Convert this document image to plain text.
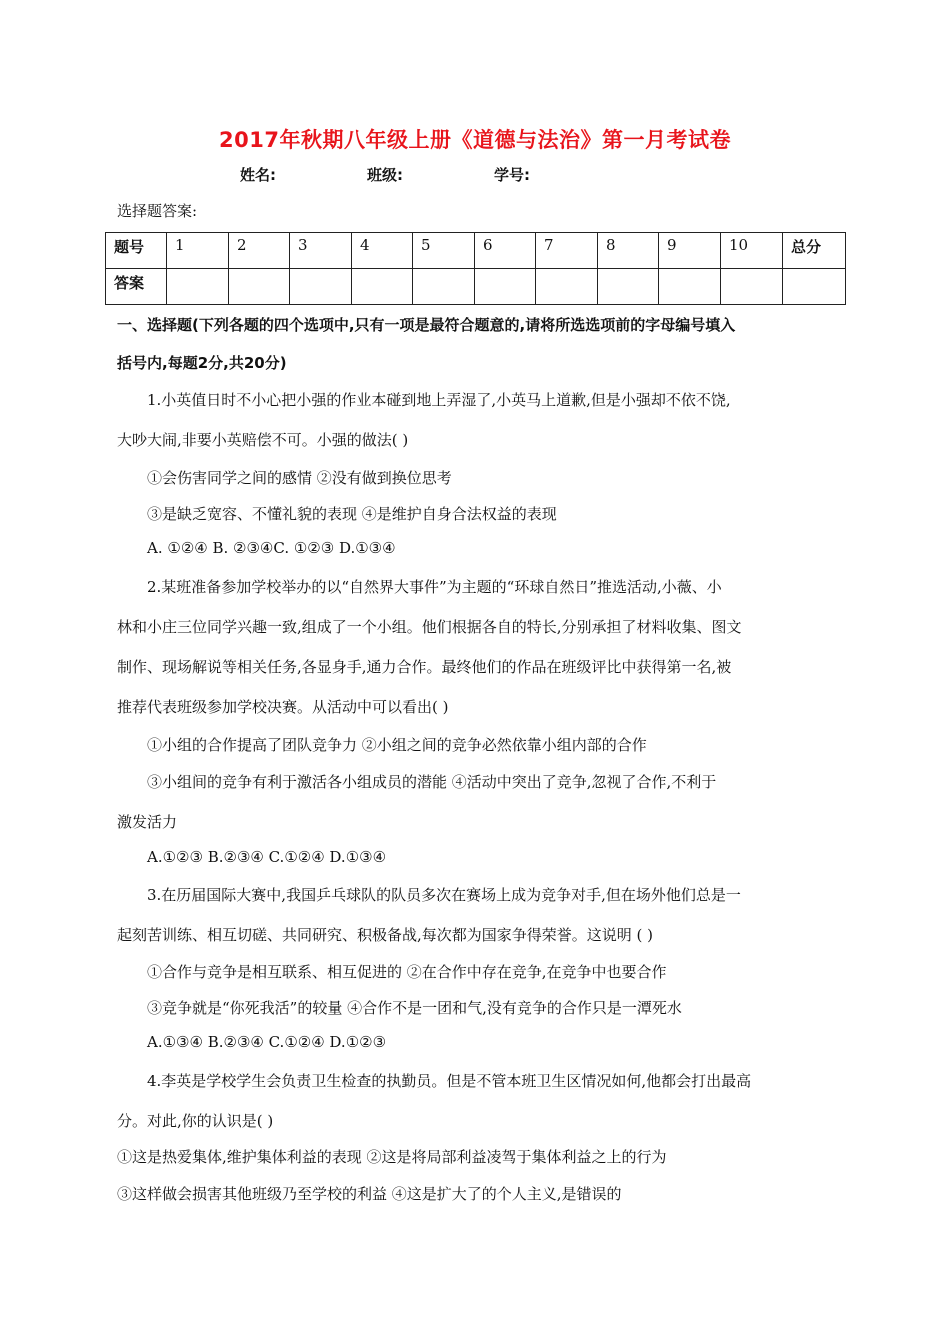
2017年秋期八年级上册《道德与法治》第一月考试卷
姓名:	班级:	学号:
选择题答案:
题号	1	2	3	4	5	6	7	8	9	10	总分
答案											
一、选择题(下列各题的四个选项中,只有一项是最符合题意的,请将所选选项前的字母编号填入
括号内,每题2分,共20分)
1.小英值日时不小心把小强的作业本碰到地上弄湿了,小英马上道歉,但是小强却不依不饶,
大吵大闹,非要小英赔偿不可。小强的做法( )
①会伤害同学之间的感情 ②没有做到换位思考
③是缺乏宽容、不懂礼貌的表现 ④是维护自身合法权益的表现
A. ①②④ B. ②③④C. ①②③ D.①③④
2.某班准备参加学校举办的以“自然界大事件”为主题的“环球自然日”推选活动,小薇、小
林和小庄三位同学兴趣一致,组成了一个小组。他们根据各自的特长,分别承担了材料收集、图文
制作、现场解说等相关任务,各显身手,通力合作。最终他们的作品在班级评比中获得第一名,被
推荐代表班级参加学校决赛。从活动中可以看出( )
①小组的合作提高了团队竞争力 ②小组之间的竞争必然依靠小组内部的合作
③小组间的竞争有利于激活各小组成员的潜能 ④活动中突出了竞争,忽视了合作,不利于
激发活力
A.①②③ B.②③④ C.①②④ D.①③④
3.在历届国际大赛中,我国乒乓球队的队员多次在赛场上成为竞争对手,但在场外他们总是一
起刻苦训练、相互切磋、共同研究、积极备战,每次都为国家争得荣誉。这说明 ( )
①合作与竞争是相互联系、相互促进的 ②在合作中存在竞争,在竞争中也要合作
③竞争就是“你死我活”的较量 ④合作不是一团和气,没有竞争的合作只是一潭死水
A.①③④ B.②③④ C.①②④ D.①②③
4.李英是学校学生会负责卫生检查的执勤员。但是不管本班卫生区情况如何,他都会打出最高
分。对此,你的认识是( )
①这是热爱集体,维护集体利益的表现 ②这是将局部利益凌驾于集体利益之上的行为
③这样做会损害其他班级乃至学校的利益 ④这是扩大了的个人主义,是错误的
